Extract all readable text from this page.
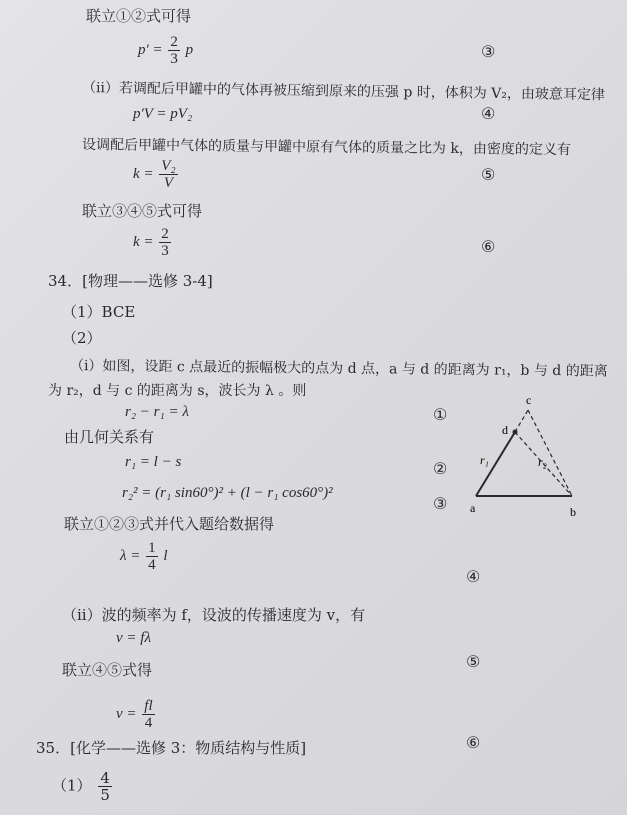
联立①②式可得
$p' = \frac{2}{3}$ p	③
（ii）若调配后甲罐中的气体再被压缩到原来的压强 p 时，体积为 V₂，由玻意耳定律
p′V = pV₂	④
设调配后甲罐中气体的质量与甲罐中原有气体的质量之比为 k，由密度的定义有
$k = \frac{\text{V₂}}{V}$	⑤
联立③④⑤式可得
$k = \frac{2}{3}$	⑥
34．[物理——选修 3-4]
（1）BCE
（2）
（i）如图，设距 c 点最近的振幅极大的点为 d 点，a 与 d 的距离为 r₁，b 与 d 的距离
为 r₂，d 与 c 的距离为 s，波长为 λ 。则
r₂ − r₁ = λ	①
由几何关系有
r₁ = l − s	②
r₂² = (r₁ sin60°)² + (l − r₁ cos60°)²
③
联立①②③式并代入题给数据得
$\lambda = \frac{1}{4}$ l
④
（ii）波的频率为 f，设波的传播速度为 v，有
v = fλ
⑤
联立④⑤式得
$v = \frac{fl}{4}$
⑥
35．[化学——选修 3：物质结构与性质]
$(1) \frac{4}{5}$
c
d
a	b
r₁	r₂
